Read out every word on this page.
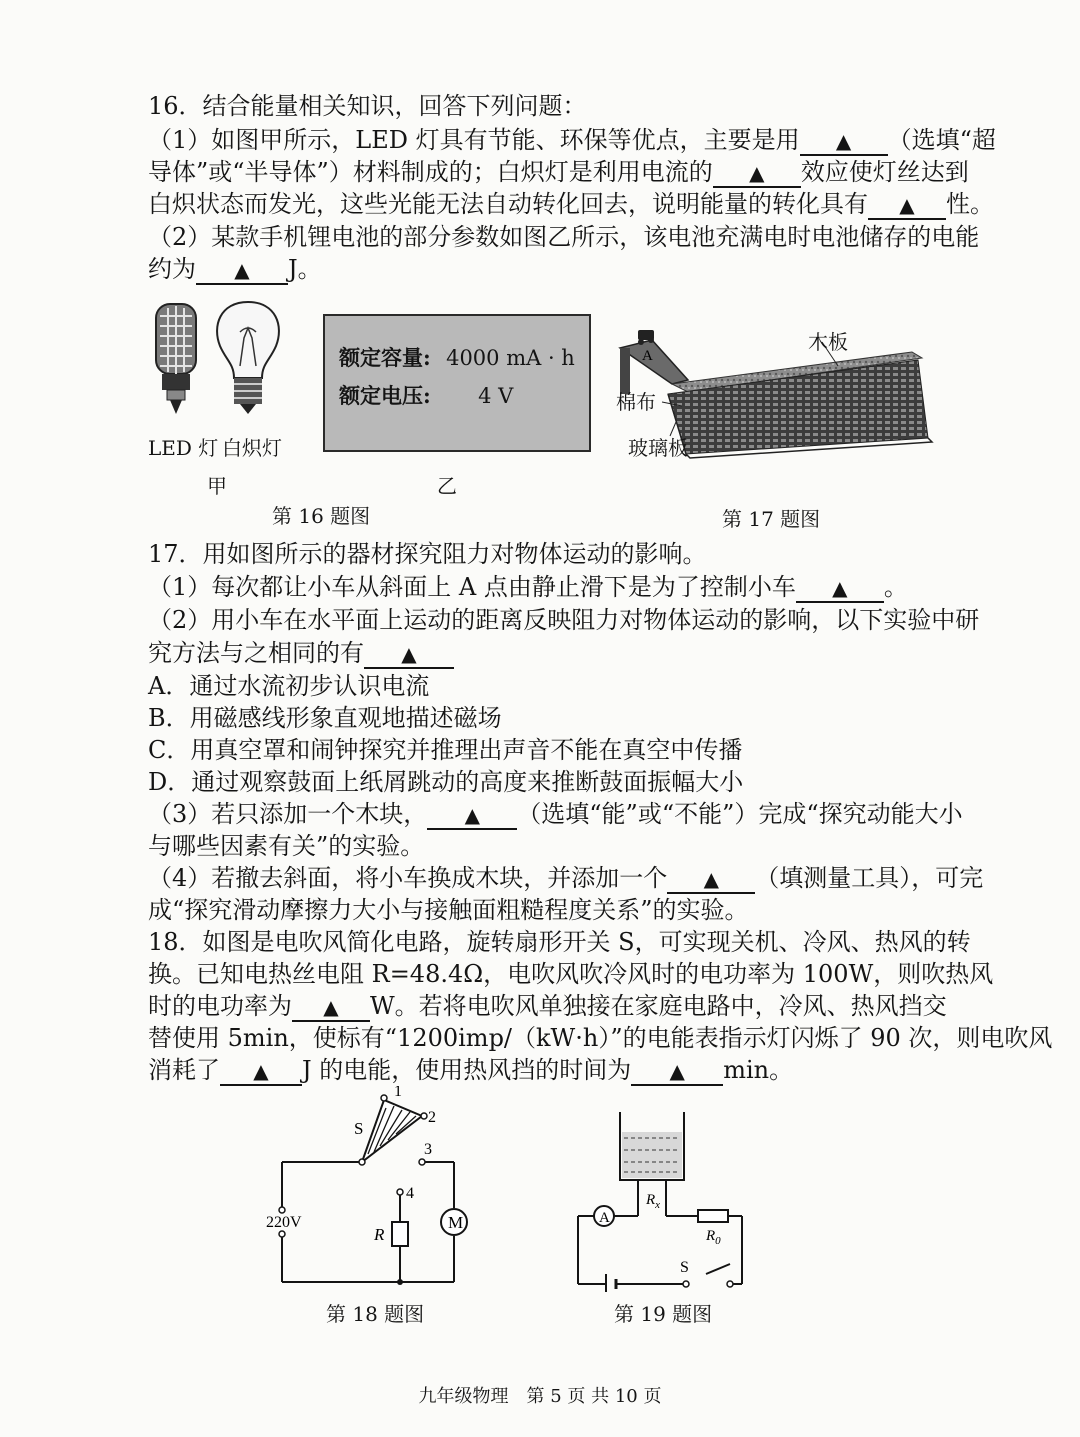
16．结合能量相关知识，回答下列问题：
（1）如图甲所示，LED 灯具有节能、环保等优点，主要是用 ▲ （选填“超
导体”或“半导体”）材料制成的；白炽灯是利用电流的 ▲ 效应使灯丝达到
白炽状态而发光，这些光能无法自动转化回去，说明能量的转化具有 ▲ 性。
（2）某款手机锂电池的部分参数如图乙所示，该电池充满电时电池储存的电能
约为 ▲ J。
LED 灯 白炽灯
甲
额定容量: 4000 mA · h
额定电压: 4 V
乙
第 16 题图
A
木板
棉布
玻璃板
第 17 题图
17．用如图所示的器材探究阻力对物体运动的影响。
（1）每次都让小车从斜面上 A 点由静止滑下是为了控制小车 ▲ 。
（2）用小车在水平面上运动的距离反映阻力对物体运动的影响，以下实验中研
究方法与之相同的有 ▲
A．通过水流初步认识电流
B．用磁感线形象直观地描述磁场
C．用真空罩和闹钟探究并推理出声音不能在真空中传播
D．通过观察鼓面上纸屑跳动的高度来推断鼓面振幅大小
（3）若只添加一个木块， ▲ （选填“能”或“不能”）完成“探究动能大小
与哪些因素有关”的实验。
（4）若撤去斜面，将小车换成木块，并添加一个 ▲ （填测量工具），可完
成“探究滑动摩擦力大小与接触面粗糙程度关系”的实验。
18．如图是电吹风简化电路，旋转扇形开关 S，可实现关机、冷风、热风的转
换。已知电热丝电阻 R=48.4Ω，电吹风吹冷风时的电功率为 100W，则吹热风
时的电功率为 ▲ W。若将电吹风单独接在家庭电路中，冷风、热风挡交
替使用 5min，使标有“1200imp/（kW·h）”的电能表指示灯闪烁了 90 次，则电吹风
消耗了 ▲ J 的电能，使用热风挡的时间为 ▲ min。
M
S
1
2
3
4
R
220V
第 18 题图
A
$R_x$
$R_0$
S
第 19 题图
九年级物理　第 5 页 共 10 页
